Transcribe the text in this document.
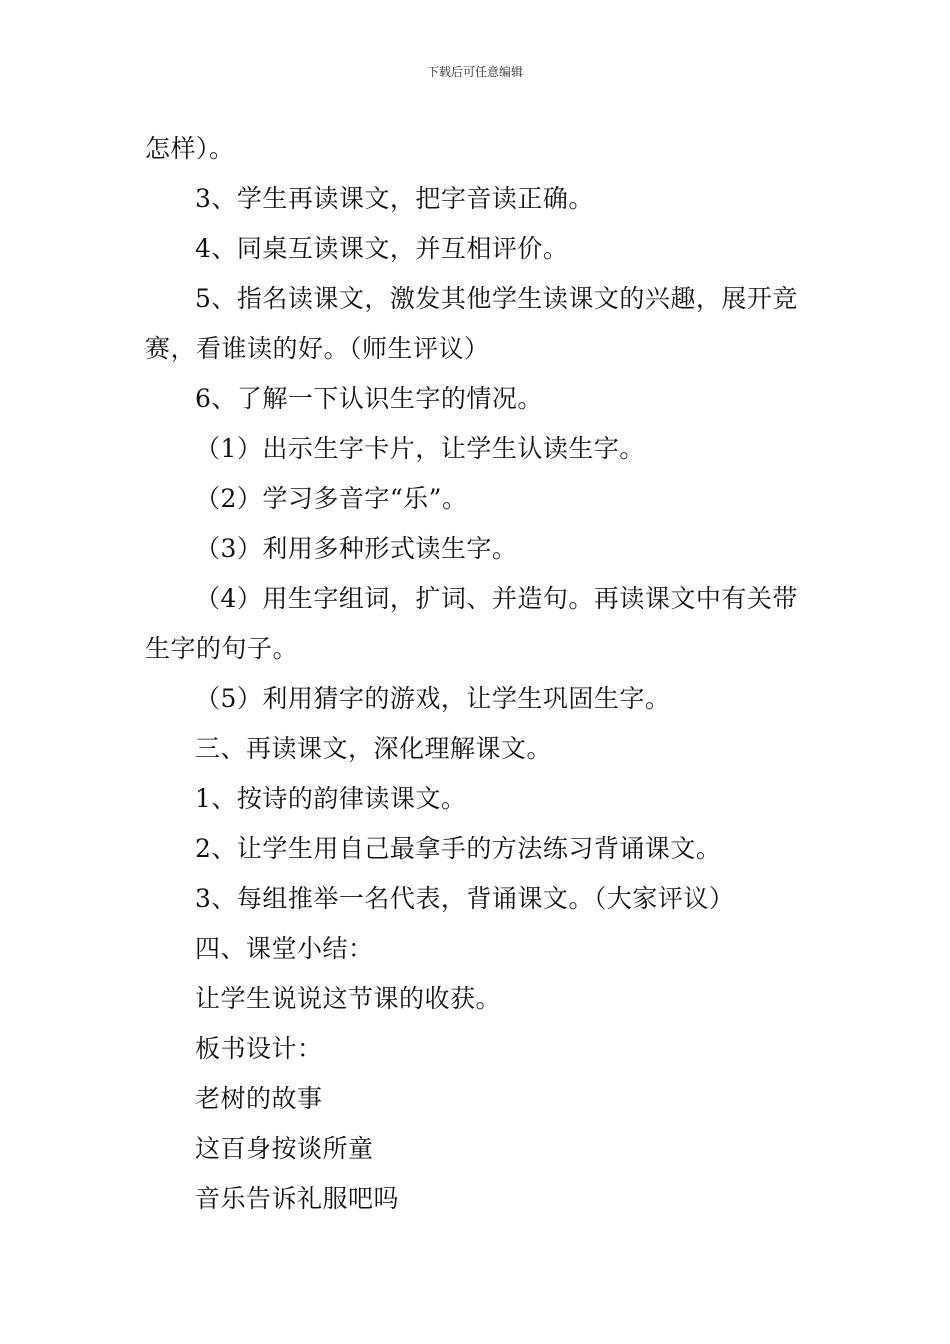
下载后可任意编辑
怎样）。
3、学生再读课文，把字音读正确。
4、同桌互读课文，并互相评价。
5、指名读课文，激发其他学生读课文的兴趣，展开竞
赛，看谁读的好。（师生评议）
6、了解一下认识生字的情况。
（1）出示生字卡片，让学生认读生字。
（2）学习多音字“乐”。
（3）利用多种形式读生字。
（4）用生字组词，扩词、并造句。再读课文中有关带
生字的句子。
（5）利用猜字的游戏，让学生巩固生字。
三、再读课文，深化理解课文。
1、按诗的韵律读课文。
2、让学生用自己最拿手的方法练习背诵课文。
3、每组推举一名代表，背诵课文。（大家评议）
四、课堂小结：
让学生说说这节课的收获。
板书设计：
老树的故事
这百身按谈所童
音乐告诉礼服吧吗
